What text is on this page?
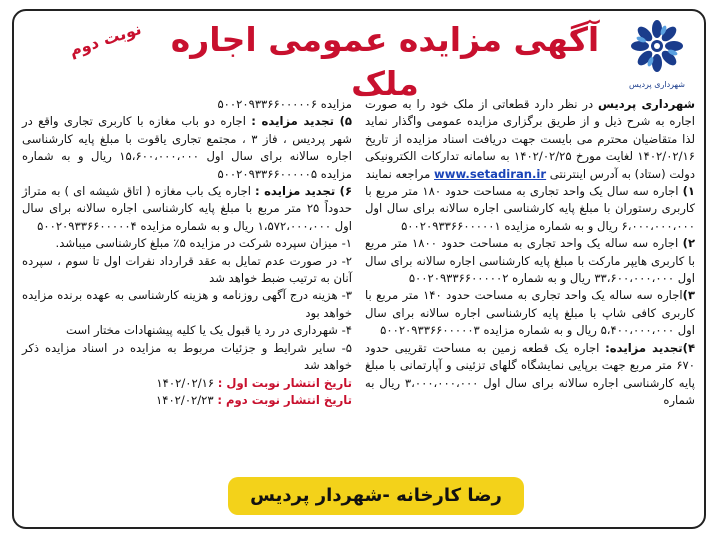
نوبت دوم آگهی مزایده عمومی اجاره ملک	شهرداری پردیس

شهرداری پردیس در نظر دارد قطعاتی از ملک خود را به صورت اجاره به شرح ذیل و از طریق برگزاری مزایده عمومی واگذار نماید لذا متقاضیان محترم می بایست جهت دریافت اسناد مزایده از تاریخ ۱۴۰۲/۰۲/۱۶ لغایت مورخ ۱۴۰۲/۰۲/۲۵ به سامانه تدارکات الکترونیکی دولت (ستاد) به آدرس اینترنتی www.setadiran.ir مراجعه نمایند

۱) اجاره سه سال یک واحد تجاری به مساحت حدود ۱۸۰ متر مربع با کاربری رستوران با مبلغ پایه کارشناسی اجاره سالانه برای سال اول ۶،۰۰۰،۰۰۰،۰۰۰ ریال و به شماره مزایده ۵۰۰۲۰۹۳۳۶۶۰۰۰۰۰۱

۲) اجاره سه ساله یک واحد تجاری به مساحت حدود ۱۸۰۰ متر مربع با کاربری هایپر مارکت با مبلغ پایه کارشناسی اجاره سالانه برای سال اول ۳۳،۶۰۰،۰۰۰،۰۰۰ ریال و به شماره ۵۰۰۲۰۹۳۳۶۶۰۰۰۰۰۲

۳)اجاره سه ساله یک واحد تجاری به مساحت حدود ۱۴۰ متر مربع با کاربری کافی شاپ با مبلغ پایه کارشناسی اجاره سالانه برای سال اول ۵،۴۰۰،۰۰۰،۰۰۰ ریال و به شماره مزایده ۵۰۰۲۰۹۳۳۶۶۰۰۰۰۰۳

۴)تجدید مزایده: اجاره یک قطعه زمین به مساحت تقریبی حدود ۶۷۰ متر مربع جهت برپایی نمایشگاه گلهای تزئینی و آپارتمانی با مبلغ پایه کارشناسی اجاره سالانه برای سال اول ۳،۰۰۰،۰۰۰،۰۰۰ ریال به شماره

مزایده ۵۰۰۲۰۹۳۳۶۶۰۰۰۰۰۶

۵) تجدید مزایده : اجاره دو باب مغازه با کاربری تجاری واقع در شهر پردیس ، فاز ۳ ، مجتمع تجاری یاقوت با مبلغ پایه کارشناسی اجاره سالانه برای سال اول ۱۵،۶۰۰،۰۰۰،۰۰۰ ریال و به شماره مزایده ۵۰۰۲۰۹۳۳۶۶۰۰۰۰۰۵

۶) تجدید مزایده : اجاره یک باب مغازه ( اتاق شیشه ای ) به متراژ حدوداً ۲۵ متر مربع با مبلغ پایه کارشناسی اجاره سالانه برای سال اول ۱،۵۷۲،۰۰۰،۰۰۰ ریال و به شماره مزایده ۵۰۰۲۰۹۳۳۶۶۰۰۰۰۰۴

۱- میزان سپرده شرکت در مزایده ۵٪ مبلغ کارشناسی میباشد.

۲- در صورت عدم تمایل به عقد قرارداد نفرات اول تا سوم ، سپرده آنان به ترتیب ضبط خواهد شد

۳- هزینه درج آگهی روزنامه و هزینه کارشناسی به عهده برنده مزایده خواهد بود

۴- شهرداری در رد یا قبول یک یا کلیه پیشنهادات مختار است

۵- سایر شرایط و جزئیات مربوط به مزایده در اسناد مزایده ذکر خواهد شد

تاریخ انتشار نوبت اول : ۱۴۰۲/۰۲/۱۶

تاریخ انتشار نوبت دوم : ۱۴۰۲/۰۲/۲۳

رضا کارخانه -شهردار پردیس
